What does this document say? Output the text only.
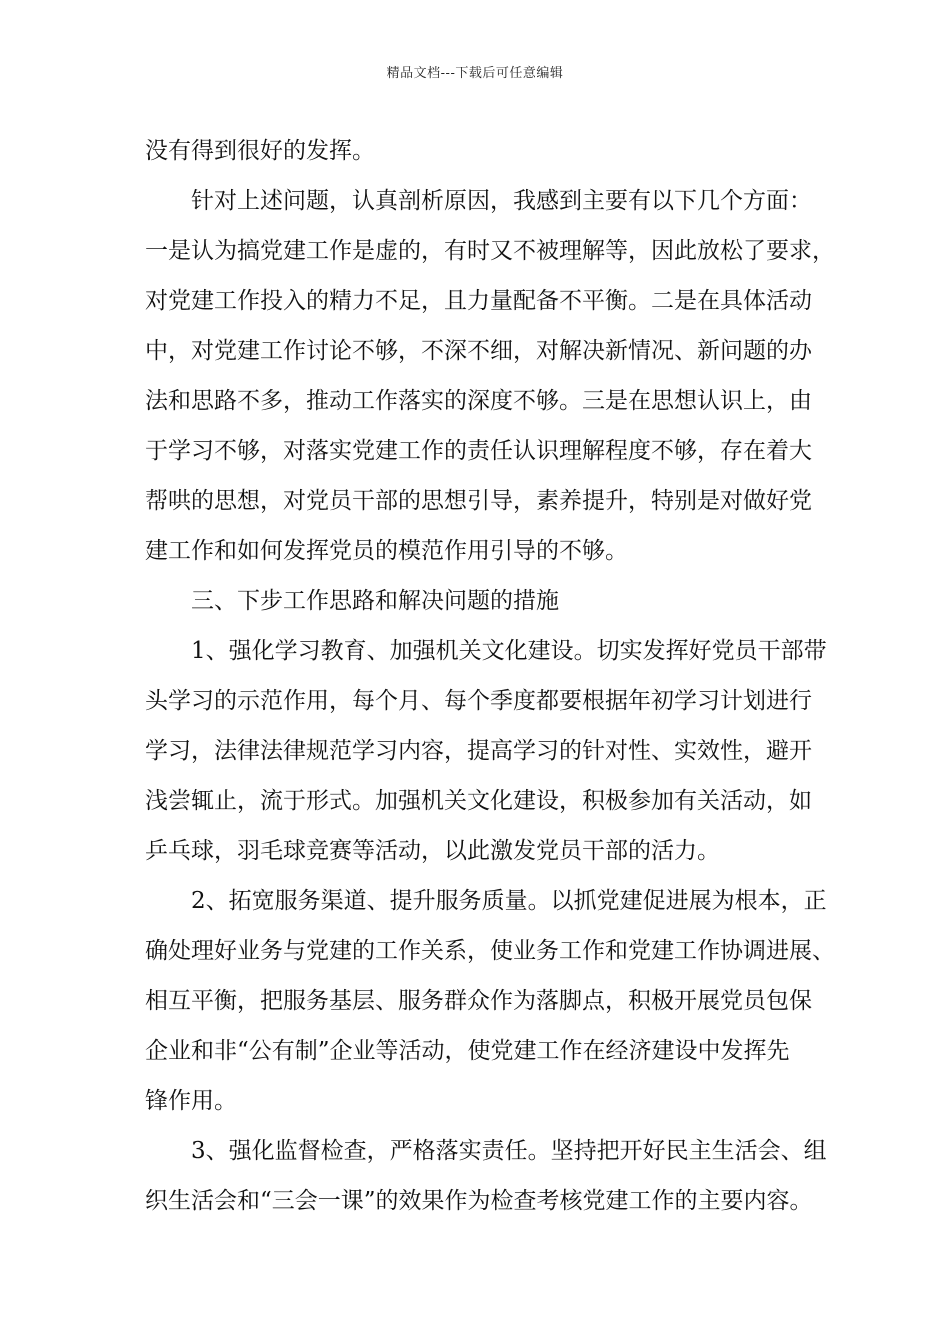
精品文档---下载后可任意编辑
没有得到很好的发挥。
针对上述问题，认真剖析原因，我感到主要有以下几个方面：
一是认为搞党建工作是虚的，有时又不被理解等，因此放松了要求，
对党建工作投入的精力不足，且力量配备不平衡。二是在具体活动
中，对党建工作讨论不够，不深不细，对解决新情况、新问题的办
法和思路不多，推动工作落实的深度不够。三是在思想认识上，由
于学习不够，对落实党建工作的责任认识理解程度不够，存在着大
帮哄的思想，对党员干部的思想引导，素养提升，特别是对做好党
建工作和如何发挥党员的模范作用引导的不够。
三、下步工作思路和解决问题的措施
1、强化学习教育、加强机关文化建设。切实发挥好党员干部带
头学习的示范作用，每个月、每个季度都要根据年初学习计划进行
学习，法律法律规范学习内容，提高学习的针对性、实效性，避开
浅尝辄止，流于形式。加强机关文化建设，积极参加有关活动，如
乒乓球，羽毛球竞赛等活动，以此激发党员干部的活力。
2、拓宽服务渠道、提升服务质量。以抓党建促进展为根本，正
确处理好业务与党建的工作关系，使业务工作和党建工作协调进展、
相互平衡，把服务基层、服务群众作为落脚点，积极开展党员包保
企业和非“公有制”企业等活动，使党建工作在经济建设中发挥先
锋作用。
3、强化监督检查，严格落实责任。坚持把开好民主生活会、组
织生活会和“三会一课”的效果作为检查考核党建工作的主要内容。
